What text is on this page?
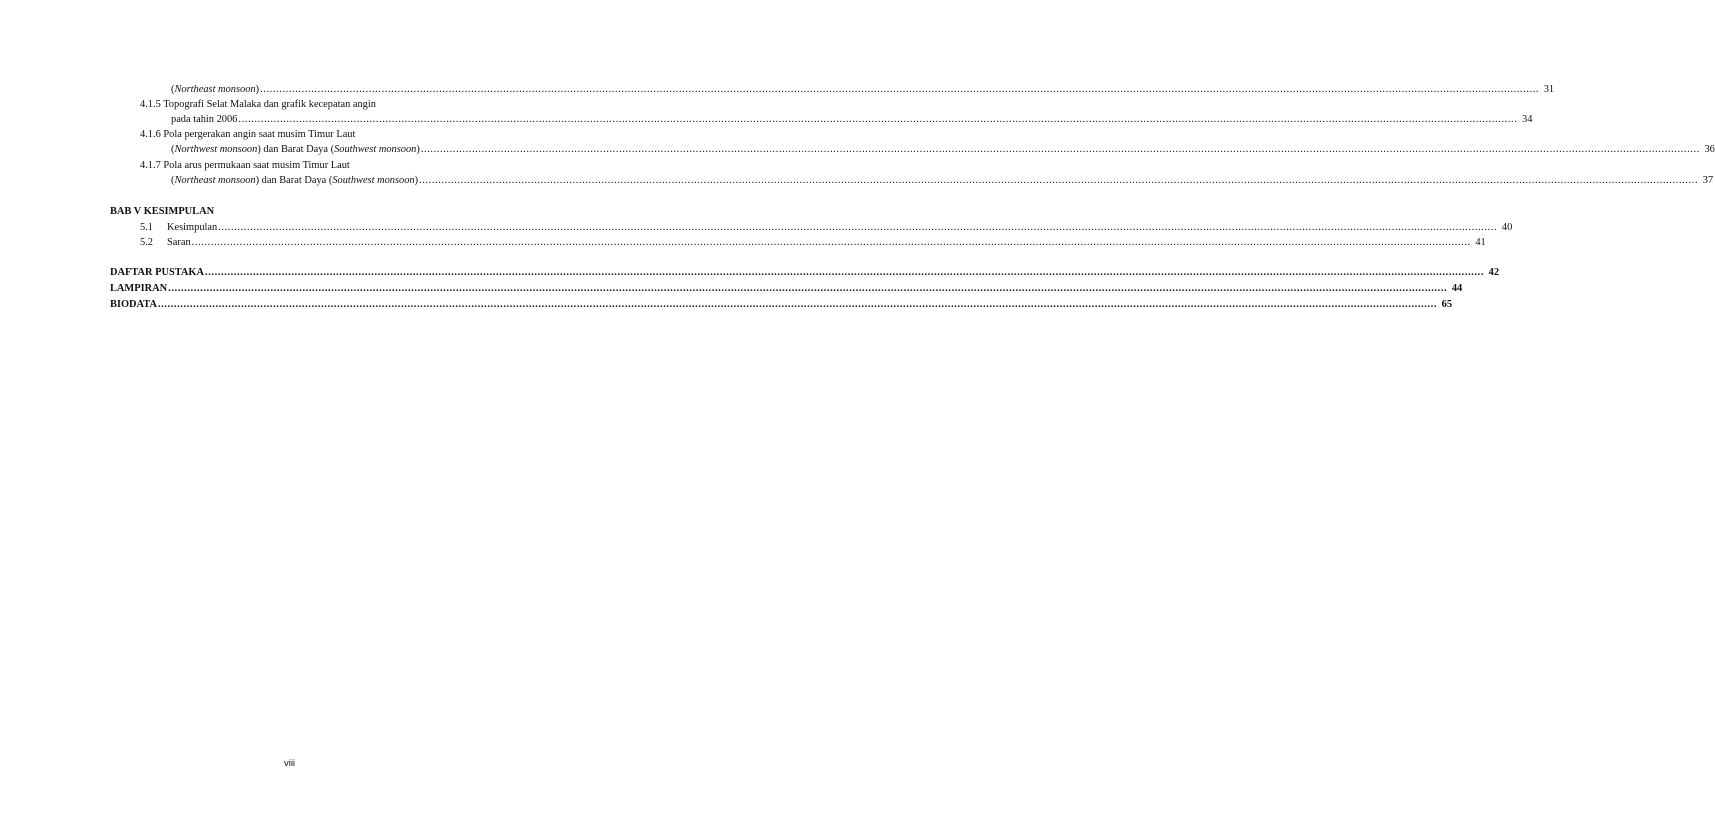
(Northeast monsoon) ................................................................................................................................................................................................................................................................................................................................................................................................................ 31
4.1.5 Topografi Selat Malaka dan grafik kecepatan angin
pada tahin 2006 ................................................................................................................................................................................................................................................................................................................................................................................................................ 34
4.1.6 Pola pergerakan angin saat musim Timur Laut
(Northwest monsoon) dan Barat Daya (Southwest monsoon) ................................................................................................................................................................................................................................................................................................................................................................................................................ 36
4.1.7 Pola arus permukaan saat musim Timur Laut
(Northeast monsoon) dan Barat Daya (Southwest monsoon) ................................................................................................................................................................................................................................................................................................................................................................................................................ 37
BAB V KESIMPULAN
5.1 Kesimpulan ................................................................................................................................................................................................................................................................................................................................................................................................................ 40
5.2 Saran ................................................................................................................................................................................................................................................................................................................................................................................................................ 41
DAFTAR PUSTAKA ................................................................................................................................................................................................................................................................................................................................................................................................................ 42
LAMPIRAN ................................................................................................................................................................................................................................................................................................................................................................................................................ 44
BIODATA ................................................................................................................................................................................................................................................................................................................................................................................................................ 65
viii
